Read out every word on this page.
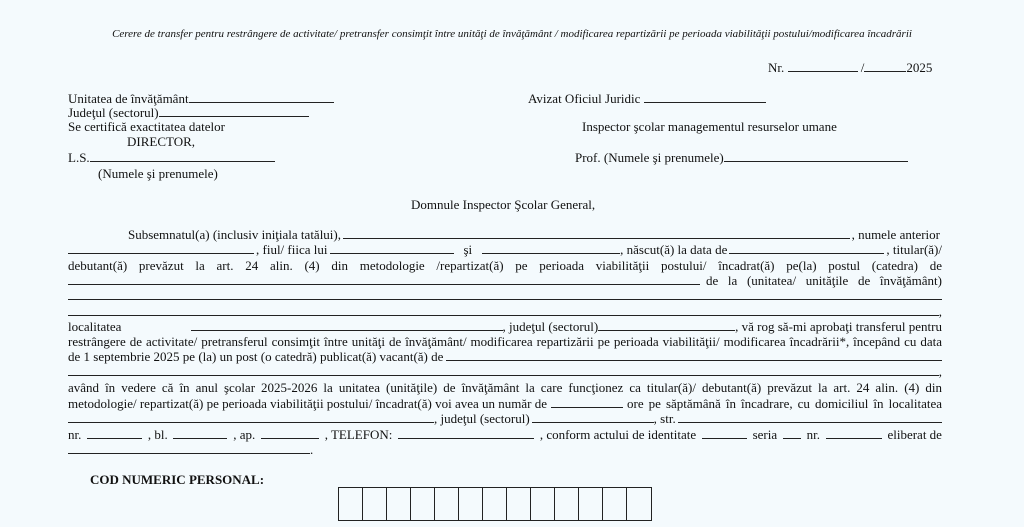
Cerere de transfer pentru restrângere de activitate/ pretransfer consimţit între unităţi de învăţământ / modificarea repartizării pe perioada viabilităţii postului/modificarea încadrării
Nr.	/	2025
Unitatea de învăţământ
Judeţul (sectorul)
Se certifică exactitatea datelor
DIRECTOR,
L.S.
(Numele şi prenumele)
Avizat Oficiul Juridic
Inspector şcolar managementul resurselor umane
Prof. (Numele şi prenumele)
Domnule Inspector Şcolar General,
Subsemnatul(a) (inclusiv iniţiala tatălui),	, numele anterior
, fiul/ fiica lui	şi	, născut(ă) la data de	, titular(ă)/
debutant(ă) prevăzut la art. 24 alin. (4) din metodologie /repartizat(ă) pe perioada viabilităţii postului/ încadrat(ă) pe(la) postul (catedra) de
de la (unitatea/ unităţile de învăţământ)
,
localitatea	, judeţul (sectorul)	, vă rog să-mi aprobaţi transferul pentru
restrângere de activitate/ pretransferul consimţit între unităţi de învăţământ/ modificarea repartizării pe perioada viabilităţii/ modificarea încadrării*, începând cu data
de 1 septembrie 2025 pe (la) un post (o catedră) publicat(ă) vacant(ă) de
,
având în vedere că în anul şcolar 2025-2026 la unitatea (unităţile) de învăţământ la care funcţionez ca titular(ă)/ debutant(ă) prevăzut la art. 24 alin. (4) din
metodologie/ repartizat(ă) pe perioada viabilităţii postului/ încadrat(ă) voi avea un număr de	ore pe săptămână în încadrare, cu domiciliul în localitatea
, judeţul (sectorul)	, str.
nr.	, bl.	, ap.	, TELEFON:	, conform actului de identitate	seria nr.	eliberat de
.
COD NUMERIC PERSONAL:
